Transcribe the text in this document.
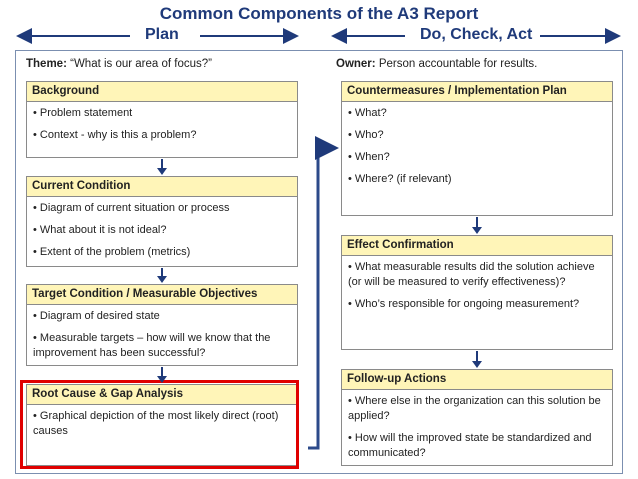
Common Components of the A3 Report
Plan	Do, Check, Act
Theme: “What is our area of focus?”	Owner: Person accountable for results.
Background
• Problem statement
• Context - why is this a problem?
Current Condition
• Diagram of current situation or process
• What about it is not ideal?
• Extent of the problem (metrics)
Target Condition / Measurable Objectives
• Diagram of desired state
• Measurable targets – how will we know that the improvement has been successful?
Root Cause & Gap Analysis
• Graphical depiction of the most likely direct (root) causes
Countermeasures / Implementation Plan
• What?
• Who?
• When?
• Where? (if relevant)
Effect Confirmation
• What measurable results did the solution achieve (or will be measured to verify effectiveness)?
• Who’s responsible for ongoing measurement?
Follow-up Actions
• Where else in the organization can this solution be applied?
• How will the improved state be standardized and communicated?
